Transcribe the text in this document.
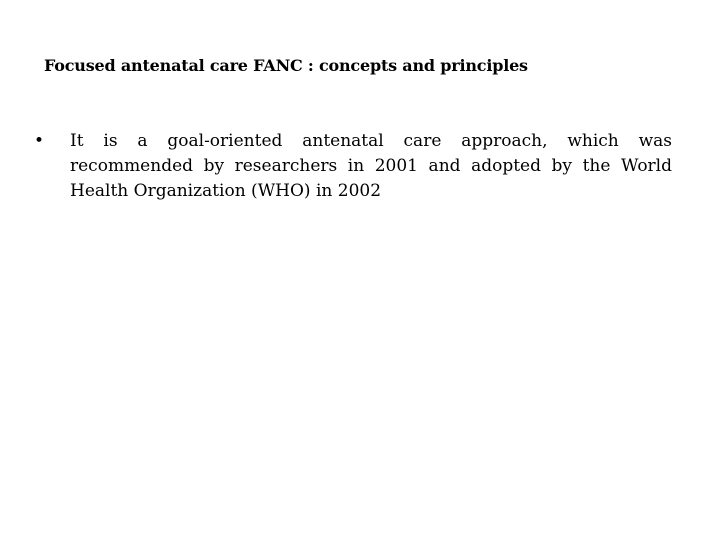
Focused antenatal care FANC : concepts and principles
• It is a goal-oriented antenatal care approach, which was recommended by researchers in 2001 and adopted by the World Health Organization (WHO) in 2002
